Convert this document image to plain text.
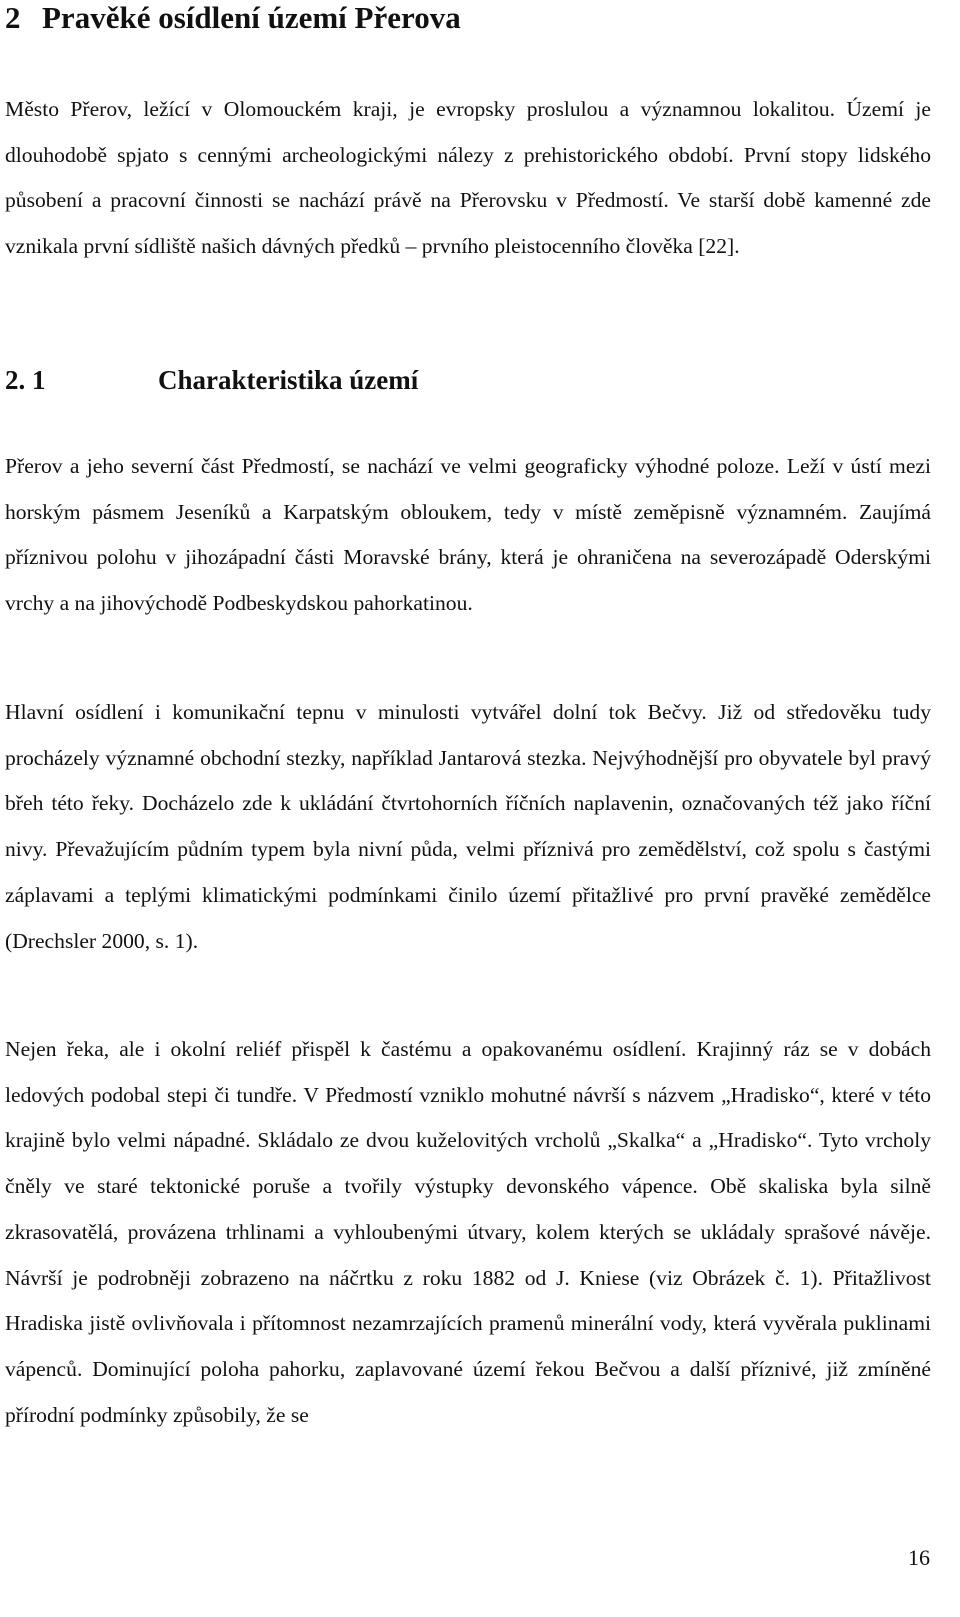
2 Pravěké osídlení území Přerova

Město Přerov, ležící v Olomouckém kraji, je evropsky proslulou a významnou lokalitou. Území je dlouhodobě spjato s cennými archeologickými nálezy z prehistorického období. První stopy lidského působení a pracovní činnosti se nachází právě na Přerovsku v Předmostí. Ve starší době kamenné zde vznikala první sídliště našich dávných předků – prvního pleistocenního člověka [22].

2. 1	Charakteristika území

Přerov a jeho severní část Předmostí, se nachází ve velmi geograficky výhodné poloze. Leží v ústí mezi horským pásmem Jeseníků a Karpatským obloukem, tedy v místě zeměpisně významném. Zaujímá příznivou polohu v jihozápadní části Moravské brány, která je ohraničena na severozápadě Oderskými vrchy a na jihovýchodě Podbeskydskou pahorkatinou.

Hlavní osídlení i komunikační tepnu v minulosti vytvářel dolní tok Bečvy. Již od středověku tudy procházely významné obchodní stezky, například Jantarová stezka. Nejvýhodnější pro obyvatele byl pravý břeh této řeky. Docházelo zde k ukládání čtvrtohorních říčních naplavenin, označovaných též jako říční nivy. Převažujícím půdním typem byla nivní půda, velmi příznivá pro zemědělství, což spolu s častými záplavami a teplými klimatickými podmínkami činilo území přitažlivé pro první pravěké zemědělce (Drechsler 2000, s. 1).

Nejen řeka, ale i okolní reliéf přispěl k častému a opakovanému osídlení. Krajinný ráz se v dobách ledových podobal stepi či tundře. V Předmostí vzniklo mohutné návrší s názvem „Hradisko“, které v této krajině bylo velmi nápadné. Skládalo ze dvou kuželovitých vrcholů „Skalka“ a „Hradisko“. Tyto vrcholy čněly ve staré tektonické poruše a tvořily výstupky devonského vápence. Obě skaliska byla silně zkrasovatělá, provázena trhlinami a vyhloubenými útvary, kolem kterých se ukládaly sprašové návěje. Návrší je podrobněji zobrazeno na náčrtku z roku 1882 od J. Kniese (viz Obrázek č. 1). Přitažlivost Hradiska jistě ovlivňovala i přítomnost nezamrzajících pramenů minerální vody, která vyvěrala puklinami vápenců. Dominující poloha pahorku, zaplavované území řekou Bečvou a další příznivé, již zmíněné přírodní podmínky způsobily, že se

16
